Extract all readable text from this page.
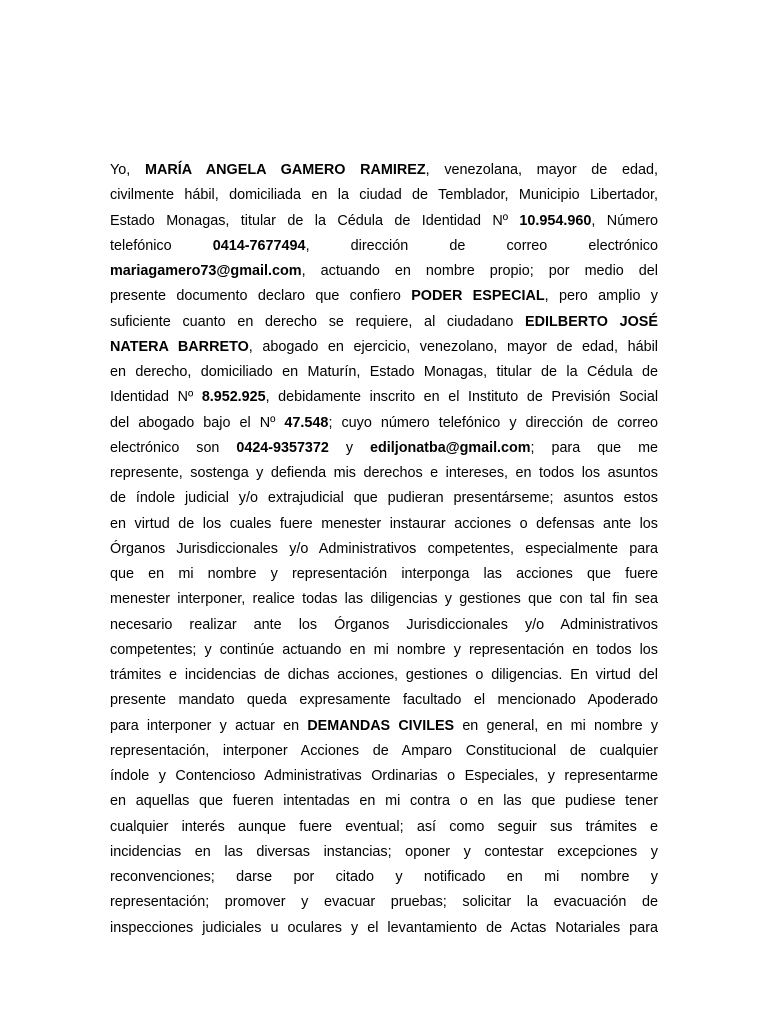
Yo, MARÍA ANGELA GAMERO RAMIREZ, venezolana, mayor de edad,
civilmente hábil, domiciliada en la ciudad de Temblador, Municipio Libertador,
Estado Monagas, titular de la Cédula de Identidad Nº 10.954.960, Número
telefónico 0414-7677494, dirección de correo electrónico
mariagamero73@gmail.com, actuando en nombre propio; por medio del
presente documento declaro que confiero PODER ESPECIAL, pero amplio y
suficiente cuanto en derecho se requiere, al ciudadano EDILBERTO JOSÉ
NATERA BARRETO, abogado en ejercicio, venezolano, mayor de edad, hábil
en derecho, domiciliado en Maturín, Estado Monagas, titular de la Cédula de
Identidad Nº 8.952.925, debidamente inscrito en el Instituto de Previsión Social
del abogado bajo el Nº 47.548; cuyo número telefónico y dirección de correo
electrónico son 0424-9357372 y ediljonatba@gmail.com; para que me
represente, sostenga y defienda mis derechos e intereses, en todos los asuntos
de índole judicial y/o extrajudicial que pudieran presentárseme; asuntos estos
en virtud de los cuales fuere menester instaurar acciones o defensas ante los
Órganos Jurisdiccionales y/o Administrativos competentes, especialmente para
que en mi nombre y representación interponga las acciones que fuere
menester interponer, realice todas las diligencias y gestiones que con tal fin sea
necesario realizar ante los Órganos Jurisdiccionales y/o Administrativos
competentes; y continúe actuando en mi nombre y representación en todos los
trámites e incidencias de dichas acciones, gestiones o diligencias. En virtud del
presente mandato queda expresamente facultado el mencionado Apoderado
para interponer y actuar en DEMANDAS CIVILES en general, en mi nombre y
representación, interponer Acciones de Amparo Constitucional de cualquier
índole y Contencioso Administrativas Ordinarias o Especiales, y representarme
en aquellas que fueren intentadas en mi contra o en las que pudiese tener
cualquier interés aunque fuere eventual; así como seguir sus trámites e
incidencias en las diversas instancias; oponer y contestar excepciones y
reconvenciones; darse por citado y notificado en mi nombre y
representación; promover y evacuar pruebas; solicitar la evacuación de
inspecciones judiciales u oculares y el levantamiento de Actas Notariales para
